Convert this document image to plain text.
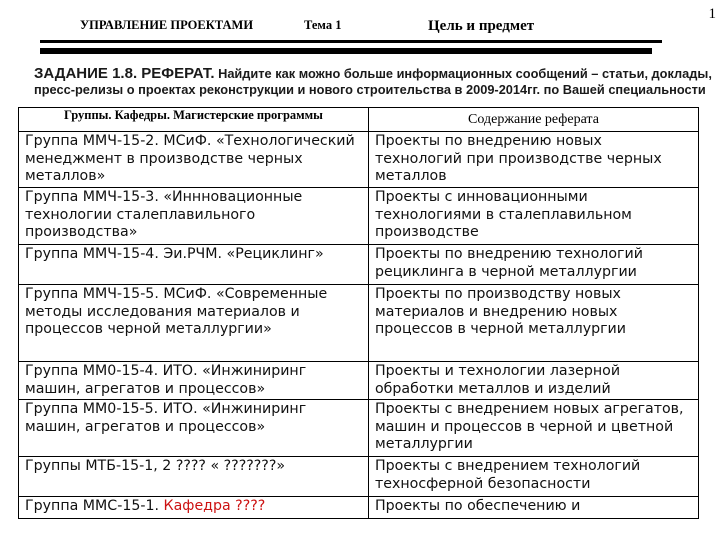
УПРАВЛЕНИЕ ПРОЕКТАМИ	Тема 1	Цель и предмет
1
ЗАДАНИЕ 1.8. РЕФЕРАТ. Найдите как можно больше информационных сообщений – статьи, доклады, пресс-релизы о проектах реконструкции и нового строительства в 2009-2014гг. по Вашей специальности
Группы. Кафедры. Магистерские программы	Содержание реферата
Группа ММЧ-15-2. МСиФ. «Технологический менеджмент в производстве черных металлов»	Проекты по внедрению новых технологий при производстве черных металлов
Группа ММЧ-15-3. «Иннновационные технологии сталеплавильного производства»	Проекты с инновационными технологиями в сталеплавильном производстве
Группа ММЧ-15-4. Эи.РЧМ. «Рециклинг»	Проекты по внедрению технологий рециклинга в черной металлургии
Группа ММЧ-15-5. МСиФ. «Современные методы исследования материалов и процессов черной металлургии»	Проекты по производству новых материалов и внедрению новых процессов в черной металлургии
Группа ММ0-15-4. ИТО. «Инжиниринг машин, агрегатов и процессов»	Проекты и технологии лазерной обработки металлов и изделий
Группа ММ0-15-5. ИТО. «Инжиниринг машин, агрегатов и процессов»	Проекты с внедрением новых агрегатов, машин и процессов в черной и цветной металлургии
Группы МТБ-15-1, 2 ???? « ???????»	Проекты с внедрением технологий техносферной безопасности
Группа ММС-15-1. Кафедра ????	Проекты по обеспечению и
